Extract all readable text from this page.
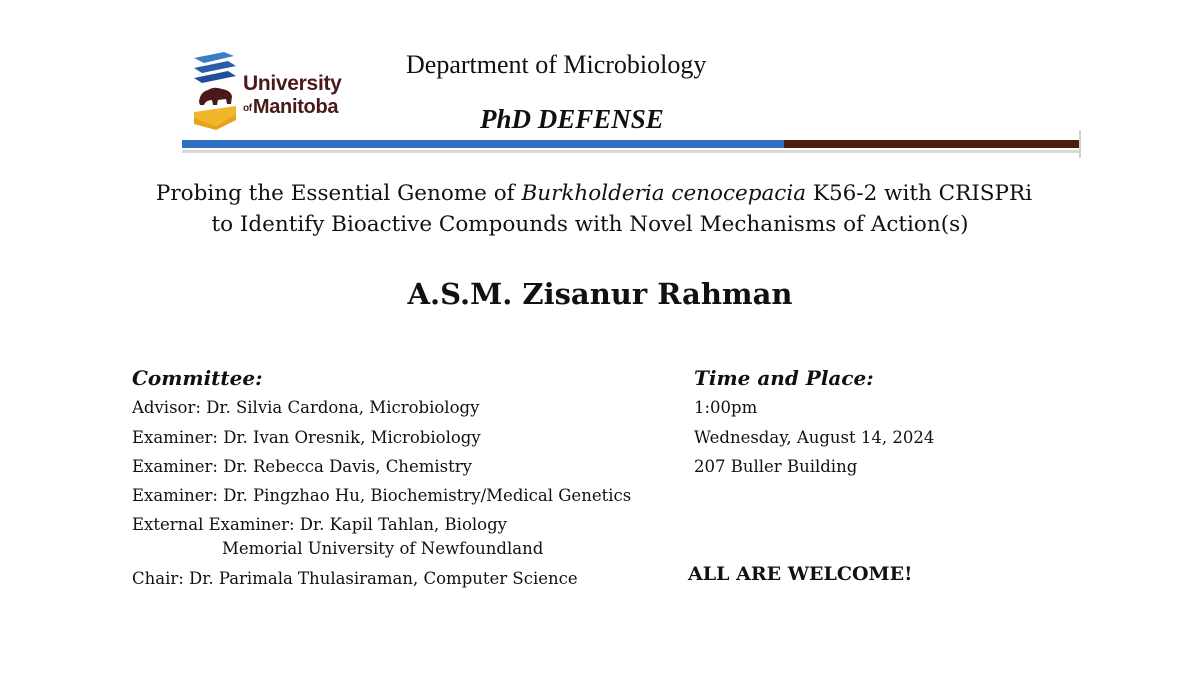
University
ofManitoba
Department of Microbiology
PhD DEFENSE
Probing the Essential Genome of Burkholderia cenocepacia K56-2 with CRISPRi
to Identify Bioactive Compounds with Novel Mechanisms of Action(s)
A.S.M. Zisanur Rahman
Committee:
Advisor: Dr. Silvia Cardona, Microbiology
Examiner: Dr. Ivan Oresnik, Microbiology
Examiner: Dr. Rebecca Davis, Chemistry
Examiner: Dr. Pingzhao Hu, Biochemistry/Medical Genetics
External Examiner: Dr. Kapil Tahlan, Biology
Memorial University of Newfoundland
Chair: Dr. Parimala Thulasiraman, Computer Science
Time and Place:
1:00pm
Wednesday, August 14, 2024
207 Buller Building
ALL ARE WELCOME!
